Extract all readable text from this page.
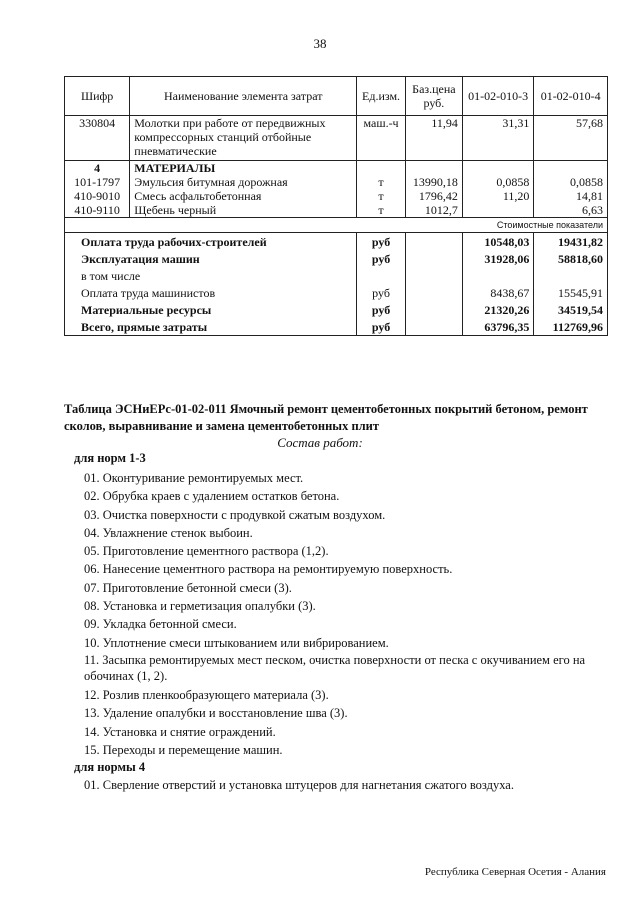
38
Шифр	Наименование элемента затрат	Ед.изм.	Баз.цена руб.	01-02-010-3	01-02-010-4
330804	Молотки при работе от передвижных компрессорных станций отбойные пневматические	маш.-ч	11,94	31,31	57,68
4	МАТЕРИАЛЫ				
101-1797	Эмульсия битумная дорожная	т	13990,18	0,0858	0,0858
410-9010	Смесь асфальтобетонная	т	1796,42	11,20	14,81
410-9110	Щебень черный	т	1012,7		6,63
Стоимостные показатели					
Оплата труда рабочих-строителей		руб		10548,03	19431,82
Эксплуатация машин		руб		31928,06	58818,60
в том числе					
Оплата труда машинистов		руб		8438,67	15545,91
Материальные ресурсы		руб		21320,26	34519,54
Всего, прямые затраты		руб		63796,35	112769,96
Таблица ЭСНиЕРс-01-02-011 Ямочный ремонт цементобетонных покрытий бетоном, ремонт сколов, выравнивание и замена цементобетонных плит
Состав работ:
для норм 1-3
01. Оконтуривание ремонтируемых мест.
02. Обрубка краев с удалением остатков бетона.
03. Очистка поверхности с продувкой сжатым воздухом.
04. Увлажнение стенок выбоин.
05. Приготовление цементного раствора (1,2).
06. Нанесение цементного раствора на ремонтируемую поверхность.
07. Приготовление бетонной смеси (3).
08. Установка и герметизация опалубки (3).
09. Укладка бетонной смеси.
10. Уплотнение смеси штыкованием или вибрированием.
11. Засыпка ремонтируемых мест песком, очистка поверхности от песка с окучиванием его на обочинах (1, 2).
12. Розлив пленкообразующего материала (3).
13. Удаление опалубки и восстановление шва (3).
14. Установка и снятие ограждений.
15. Переходы и перемещение машин.
для нормы 4
01. Сверление отверстий и установка штуцеров для нагнетания сжатого воздуха.
Республика Северная Осетия - Алания
